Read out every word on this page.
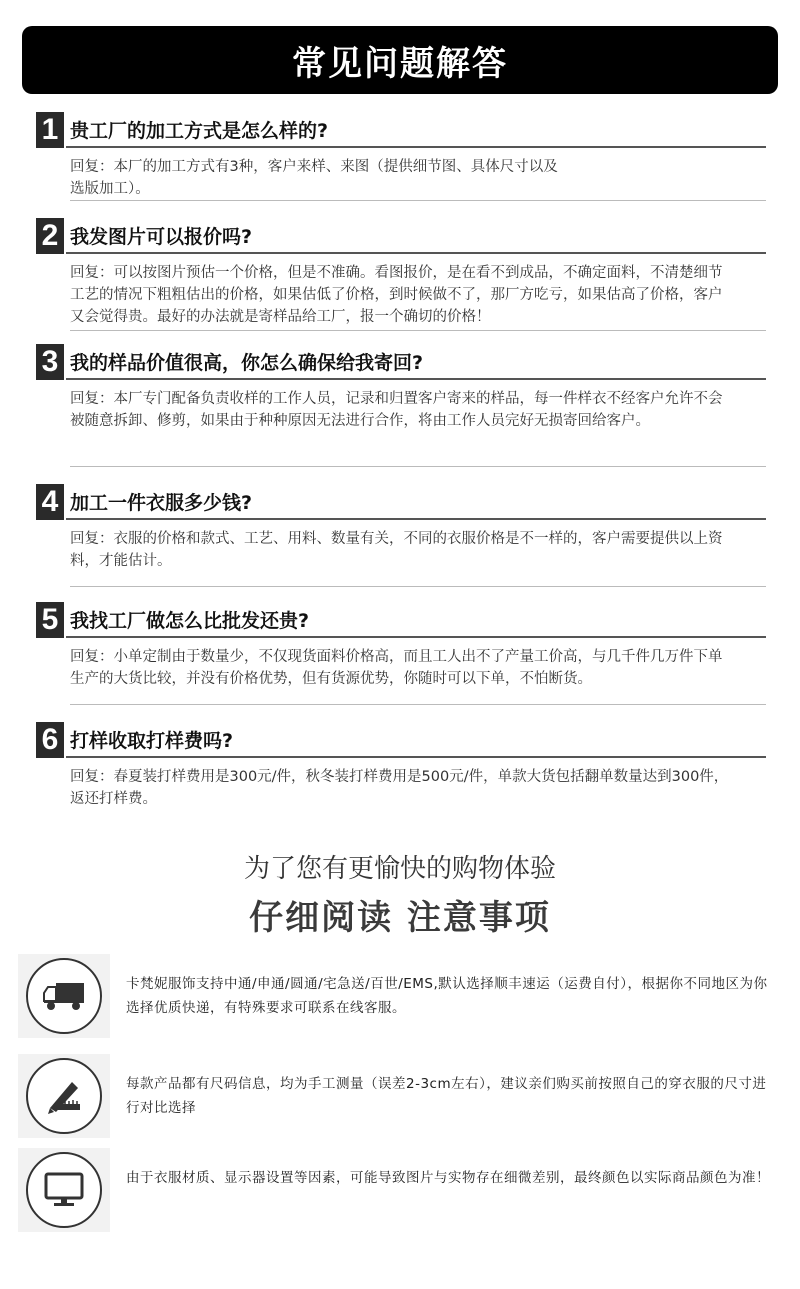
常见问题解答
1 贵工厂的加工方式是怎么样的?
回复：本厂的加工方式有3种，客户来样、来图（提供细节图、具体尺寸以及选版加工）。
2 我发图片可以报价吗?
回复：可以按图片预估一个价格，但是不准确。看图报价，是在看不到成品，不确定面料，不清楚细节工艺的情况下粗粗估出的价格，如果估低了价格，到时候做不了，那厂方吃亏，如果估高了价格，客户又会觉得贵。最好的办法就是寄样品给工厂，报一个确切的价格！
3 我的样品价值很高，你怎么确保给我寄回?
回复：本厂专门配备负责收样的工作人员，记录和归置客户寄来的样品，每一件样衣不经客户允许不会被随意拆卸、修剪，如果由于种种原因无法进行合作，将由工作人员完好无损寄回给客户。
4 加工一件衣服多少钱?
回复：衣服的价格和款式、工艺、用料、数量有关，不同的衣服价格是不一样的，客户需要提供以上资料，才能估计。
5 我找工厂做怎么比批发还贵?
回复：小单定制由于数量少，不仅现货面料价格高，而且工人出不了产量工价高，与几千件几万件下单生产的大货比较，并没有价格优势，但有货源优势，你随时可以下单，不怕断货。
6 打样收取打样费吗?
回复：春夏装打样费用是300元/件，秋冬装打样费用是500元/件，单款大货包括翻单数量达到300件，返还打样费。
为了您有更愉快的购物体验
仔细阅读 注意事项
卡梵妮服饰支持中通/申通/圆通/宅急送/百世/EMS,默认选择顺丰速运（运费自付），根据你不同地区为你选择优质快递，有特殊要求可联系在线客服。
每款产品都有尺码信息，均为手工测量（误差2-3cm左右），建议亲们购买前按照自己的穿衣服的尺寸进行对比选择
由于衣服材质、显示器设置等因素，可能导致图片与实物存在细微差别，最终颜色以实际商品颜色为准！
